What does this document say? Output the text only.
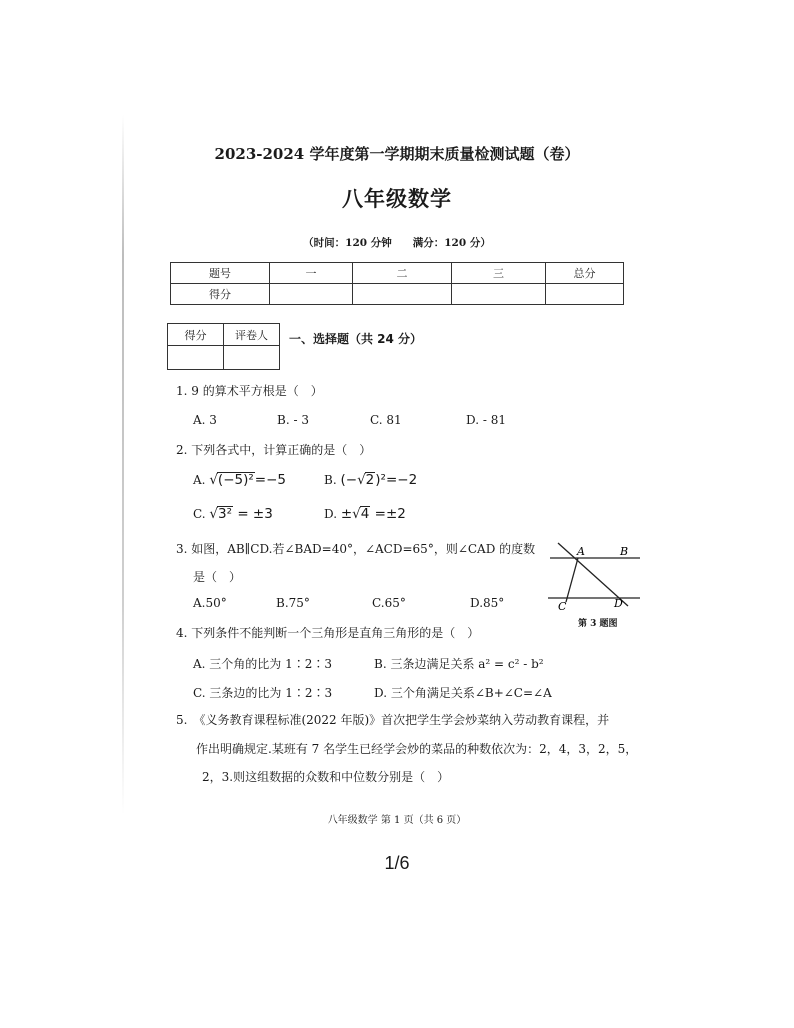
2023-2024 学年度第一学期期末质量检测试题（卷）
八年级数学
（时间：120 分钟　　满分：120 分）
题号	一	二	三	总分
得分				
得分	评卷人
	一、选择题（共 24 分）
1. 9 的算术平方根是（　）
A. 3	B. - 3	C. 81	D. - 81
2. 下列各式中，计算正确的是（　）
A. √(−5)²=−5	B. (−√2)²=−2
C. √3² = ±3	D. ±√4 =±2
3. 如图，AB∥CD.若∠BAD=40°，∠ACD=65°，则∠CAD 的度数
是（　）
A.50°	B.75°	C.65°	D.85°
A	B
C	D
第 3 题图
4. 下列条件不能判断一个三角形是直角三角形的是（　）
A. 三个角的比为 1∶2∶3	B. 三条边满足关系 a² = c² - b²
C. 三条边的比为 1∶2∶3	D. 三个角满足关系∠B+∠C=∠A
5.　《义务教育课程标准(2022 年版)》首次把学生学会炒菜纳入劳动教育课程，并
作出明确规定.某班有 7 名学生已经学会炒的菜品的种数依次为：2，4，3，2，5，
2，3.则这组数据的众数和中位数分别是（　）
八年级数学 第 1 页（共 6 页）
1/6
